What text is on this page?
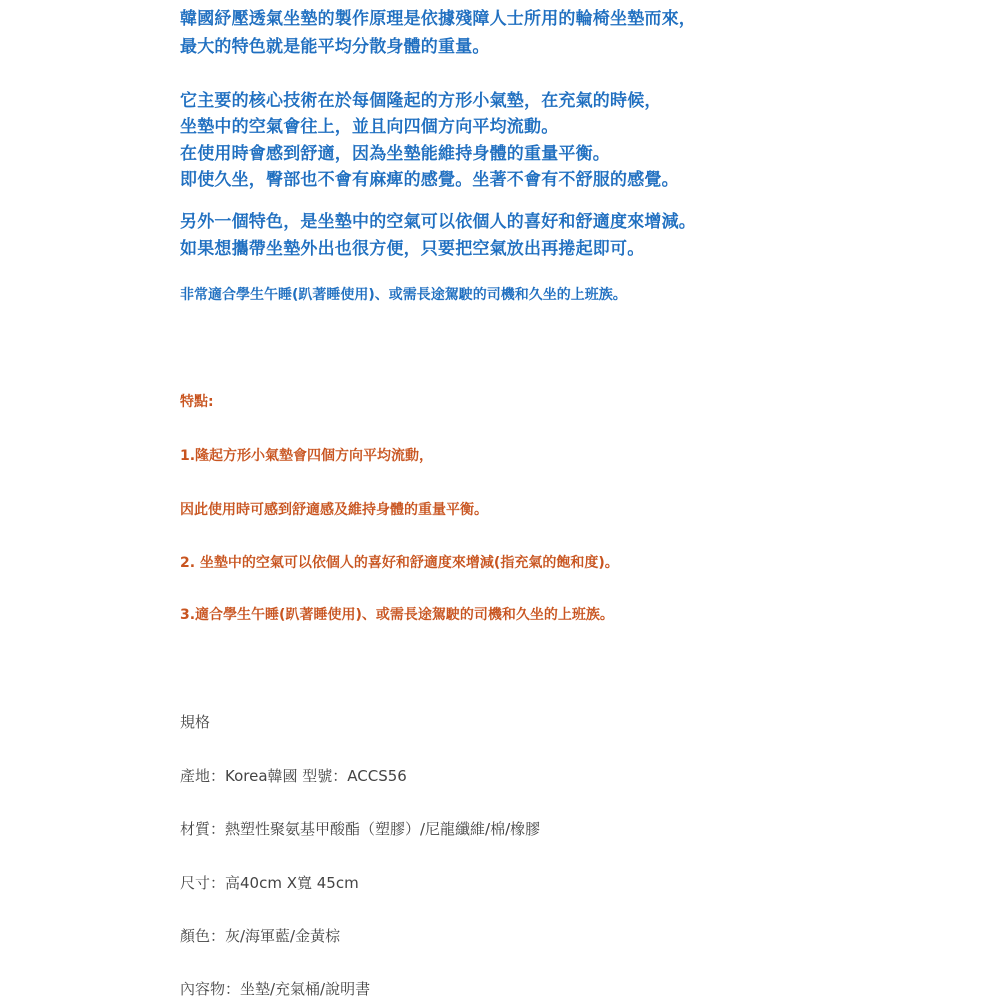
韓國紓壓透氣坐墊的製作原理是依據殘障人士所用的輪椅坐墊而來，

最大的特色就是能平均分散身體的重量。

它主要的核心技術在於每個隆起的方形小氣墊，在充氣的時候，

坐墊中的空氣會往上，並且向四個方向平均流動。

在使用時會感到舒適，因為坐墊能維持身體的重量平衡。

即使久坐，臀部也不會有麻痺的感覺。坐著不會有不舒服的感覺。

另外一個特色，是坐墊中的空氣可以依個人的喜好和舒適度來增減。

如果想攜帶坐墊外出也很方便，只要把空氣放出再捲起即可。

非常適合學生午睡(趴著睡使用)、或需長途駕駛的司機和久坐的上班族。

特點:

1.隆起方形小氣墊會四個方向平均流動，

因此使用時可感到舒適感及維持身體的重量平衡。

2. 坐墊中的空氣可以依個人的喜好和舒適度來增減(指充氣的飽和度)。

3.適合學生午睡(趴著睡使用)、或需長途駕駛的司機和久坐的上班族。

規格

產地：Korea韓國 型號：ACCS56

材質：熱塑性聚氨基甲酸酯（塑膠）/尼龍纖維/棉/橡膠

尺寸：高40cm X寬 45cm

顏色：灰/海軍藍/金黃棕

內容物：坐墊/充氣桶/說明書
